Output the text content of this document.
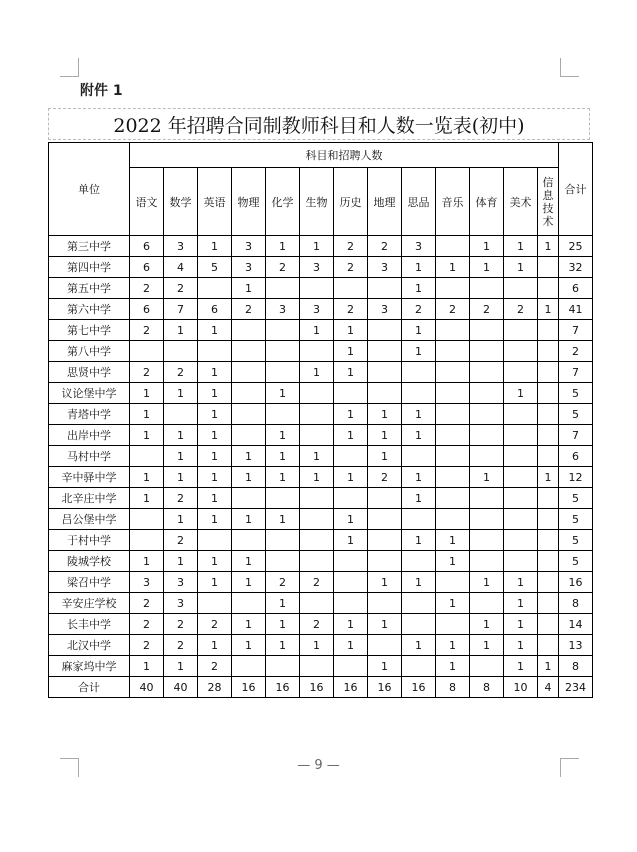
附件 1
2022 年招聘合同制教师科目和人数一览表(初中)
单位	科目和招聘人数													合计
	语文	数学	英语	物理	化学	生物	历史	地理	思品	音乐	体育	美术	信息技术	
第三中学	6	3	1	3	1	1	2	2	3		1	1	1	25
第四中学	6	4	5	3	2	3	2	3	1	1	1	1		32
第五中学	2	2		1					1					6
第六中学	6	7	6	2	3	3	2	3	2	2	2	2	1	41
第七中学	2	1	1			1	1		1					7
第八中学							1		1					2
思贤中学	2	2	1			1	1							7
议论堡中学	1	1	1		1							1		5
青塔中学	1		1				1	1	1					5
出岸中学	1	1	1		1		1	1	1					7
马村中学		1	1	1	1	1		1						6
辛中驿中学	1	1	1	1	1	1	1	2	1		1		1	12
北辛庄中学	1	2	1						1					5
吕公堡中学		1	1	1	1		1							5
于村中学		2					1		1	1				5
陵城学校	1	1	1	1						1				5
梁召中学	3	3	1	1	2	2		1	1		1	1		16
辛安庄学校	2	3			1					1		1		8
长丰中学	2	2	2	1	1	2	1	1			1	1		14
北汉中学	2	2	1	1	1	1	1		1	1	1	1		13
麻家坞中学	1	1	2					1		1		1	1	8
合计	40	40	28	16	16	16	16	16	16	8	8	10	4	234
— 9 —
